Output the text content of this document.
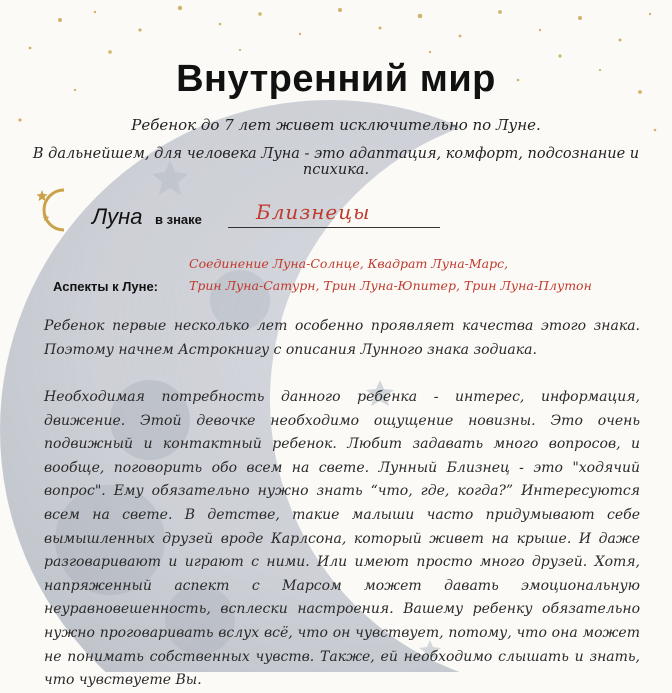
Внутренний мир
Ребенок до 7 лет живет исключительно по Луне.
В дальнейшем, для человека Луна - это адаптация, комфорт, подсознание и психика.
Луна в знаке	Близнецы
Аспекты к Луне:
Соединение Луна-Солнце, Квадрат Луна-Марс,
Трин Луна-Сатурн, Трин Луна-Юпитер, Трин Луна-Плутон
Ребенок первые несколько лет особенно проявляет качества этого знака. Поэтому начнем Астрокнигу с описания Лунного знака зодиака.
Необходимая потребность данного ребенка - интерес, информация, движение. Этой девочке необходимо ощущение новизны. Это очень подвижный и контактный ребенок. Любит задавать много вопросов, и вообще, поговорить обо всем на свете. Лунный Близнец - это "ходячий вопрос". Ему обязательно нужно знать “что, где, когда?” Интересуются всем на свете. В детстве, такие малыши часто придумывают себе вымышленных друзей вроде Карлсона, который живет на крыше. И даже разговаривают и играют с ними. Или имеют просто много друзей. Хотя, напряженный аспект с Марсом может давать эмоциональную неуравновешенность, всплески настроения. Вашему ребенку обязательно нужно проговаривать вслух всё, что он чувствует, потому, что она может не понимать собственных чувств. Также, ей необходимо слышать и знать, что чувствуете Вы.
